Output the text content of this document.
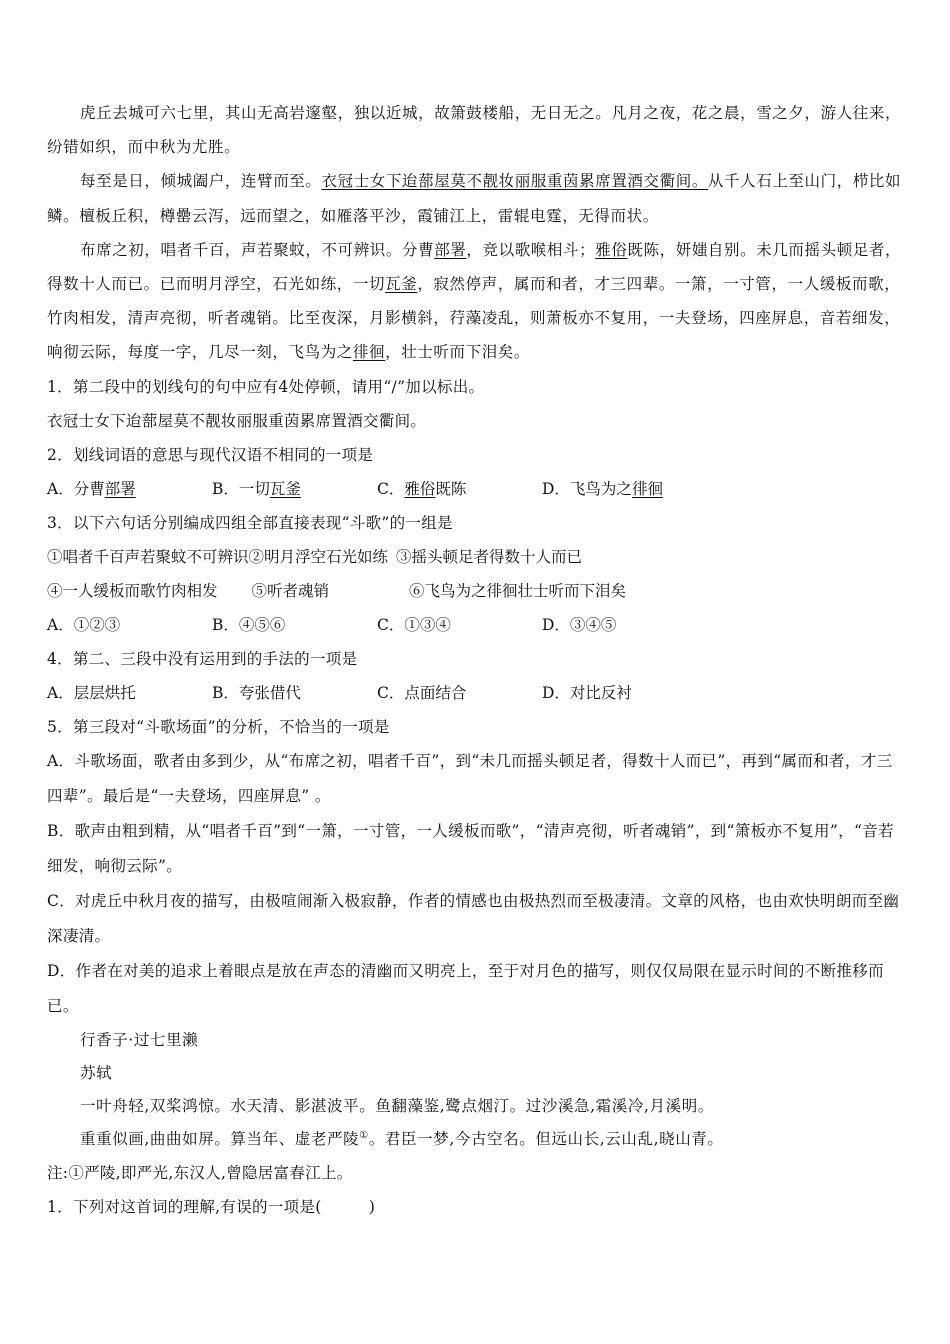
虎丘去城可六七里，其山无高岩邃壑，独以近城，故箫鼓楼船，无日无之。凡月之夜，花之晨，雪之夕，游人往来，纷错如织，而中秋为尤胜。

每至是日，倾城阖户，连臂而至。衣冠士女下迨蔀屋莫不靓妆丽服重茵累席置酒交衢间。从千人石上至山门，栉比如鳞。檀板丘积，樽罍云泻，远而望之，如雁落平沙，霞铺江上，雷辊电霆，无得而状。

布席之初，唱者千百，声若聚蚊，不可辨识。分曹部署，竞以歌喉相斗；雅俗既陈，妍媸自别。未几而摇头顿足者，得数十人而已。已而明月浮空，石光如练，一切瓦釜，寂然停声，属而和者，才三四辈。一箫，一寸管，一人缓板而歌，竹肉相发，清声亮彻，听者魂销。比至夜深，月影横斜，荇藻凌乱，则萧板亦不复用，一夫登场，四座屏息，音若细发，响彻云际，每度一字，几尽一刻，飞鸟为之徘徊，壮士听而下泪矣。

1．第二段中的划线句的句中应有4处停顿，请用“/”加以标出。

衣冠士女下迨蔀屋莫不靓妆丽服重茵累席置酒交衢间。

2．划线词语的意思与现代汉语不相同的一项是

A．分曹部署	B．一切瓦釜	C．雅俗既陈	D．飞鸟为之徘徊

3．以下六句话分别编成四组全部直接表现“斗歌”的一组是

①唱者千百声若聚蚊不可辨识②明月浮空石光如练 ③摇头顿足者得数十人而已
④一人缓板而歌竹肉相发 ⑤听者魂销	⑥飞鸟为之徘徊壮士听而下泪矣
A．①②③	B．④⑤⑥	C．①③④	D．③④⑤

4．第二、三段中没有运用到的手法的一项是

A．层层烘托	B．夸张借代	C．点面结合	D．对比反衬

5．第三段对“斗歌场面”的分析，不恰当的一项是

A．斗歌场面，歌者由多到少，从“布席之初，唱者千百”，到“未几而摇头顿足者，得数十人而已”，再到“属而和者，才三四辈”。最后是“一夫登场，四座屏息” 。

B．歌声由粗到精，从“唱者千百”到“一箫，一寸管，一人缓板而歌”，“清声亮彻，听者魂销”，到“箫板亦不复用”，“音若细发，响彻云际”。

C．对虎丘中秋月夜的描写，由极喧闹渐入极寂静，作者的情感也由极热烈而至极凄清。文章的风格，也由欢快明朗而至幽深凄清。

D．作者在对美的追求上着眼点是放在声态的清幽而又明亮上，至于对月色的描写，则仅仅局限在显示时间的不断推移而已。

行香子·过七里濑

苏轼

一叶舟轻,双桨鸿惊。水天清、影湛波平。鱼翻藻鉴,鹭点烟汀。过沙溪急,霜溪冷,月溪明。

重重似画,曲曲如屏。算当年、虚老严陵①。君臣一梦,今古空名。但远山长,云山乱,晓山青。

注:①严陵,即严光,东汉人,曾隐居富春江上。

1．下列对这首词的理解,有误的一项是(　　　)
